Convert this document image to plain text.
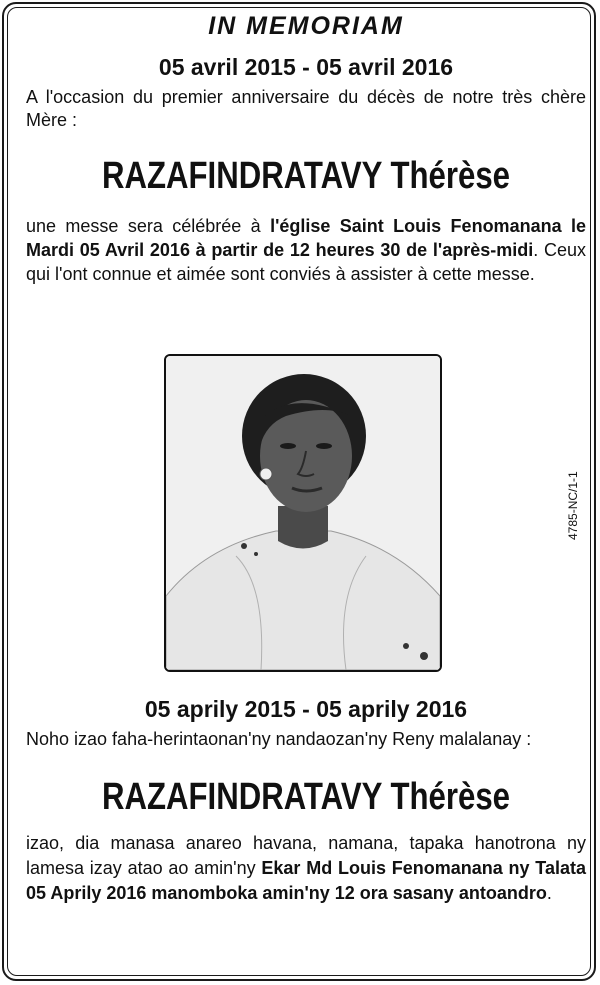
IN MEMORIAM
05 avril 2015 - 05 avril 2016

A l'occasion du premier anniversaire du décès de notre très chère Mère :

RAZAFINDRATAVY Thérèse

une messe sera célébrée à l'église Saint Louis Fenomanana le Mardi 05 Avril 2016 à partir de 12 heures 30 de l'après-midi. Ceux qui l'ont connue et aimée sont conviés à assister à cette messe.

4785-NC/1-1
05 aprily 2015 - 05 aprily 2016

Noho izao faha-herintaonan'ny nandaozan'ny Reny malalanay :

RAZAFINDRATAVY Thérèse

izao, dia manasa anareo havana, namana, tapaka hanotrona ny lamesa izay atao ao amin'ny Ekar Md Louis Fenomanana ny Talata 05 Aprily 2016 manomboka amin'ny 12 ora sasany antoandro.
